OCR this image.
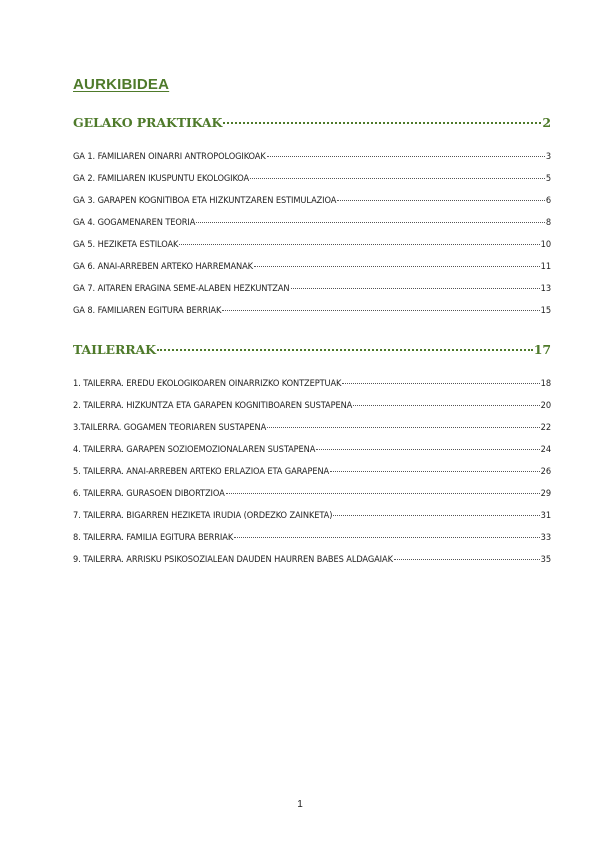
AURKIBIDEA
GELAKO PRAKTIKAK	2
GA 1. FAMILIAREN OINARRI ANTROPOLOGIKOAK	3
GA 2. FAMILIAREN IKUSPUNTU EKOLOGIKOA	5
GA 3. GARAPEN KOGNITIBOA ETA HIZKUNTZAREN ESTIMULAZIOA	6
GA 4. GOGAMENAREN TEORIA	8
GA 5. HEZIKETA ESTILOAK	10
GA 6. ANAI-ARREBEN ARTEKO HARREMANAK	11
GA 7. AITAREN ERAGINA SEME-ALABEN HEZKUNTZAN	13
GA 8. FAMILIAREN EGITURA BERRIAK	15
TAILERRAK	17
1. TAILERRA. EREDU EKOLOGIKOAREN OINARRIZKO KONTZEPTUAK	18
2. TAILERRA. HIZKUNTZA ETA GARAPEN KOGNITIBOAREN SUSTAPENA	20
3.TAILERRA. GOGAMEN TEORIAREN SUSTAPENA	22
4. TAILERRA. GARAPEN SOZIOEMOZIONALAREN SUSTAPENA	24
5. TAILERRA. ANAI-ARREBEN ARTEKO ERLAZIOA ETA GARAPENA	26
6. TAILERRA. GURASOEN DIBORTZIOA	29
7. TAILERRA. BIGARREN HEZIKETA IRUDIA (ORDEZKO ZAINKETA)	31
8. TAILERRA. FAMILIA EGITURA BERRIAK	33
9. TAILERRA. ARRISKU PSIKOSOZIALEAN DAUDEN HAURREN BABES ALDAGAIAK	35
1
